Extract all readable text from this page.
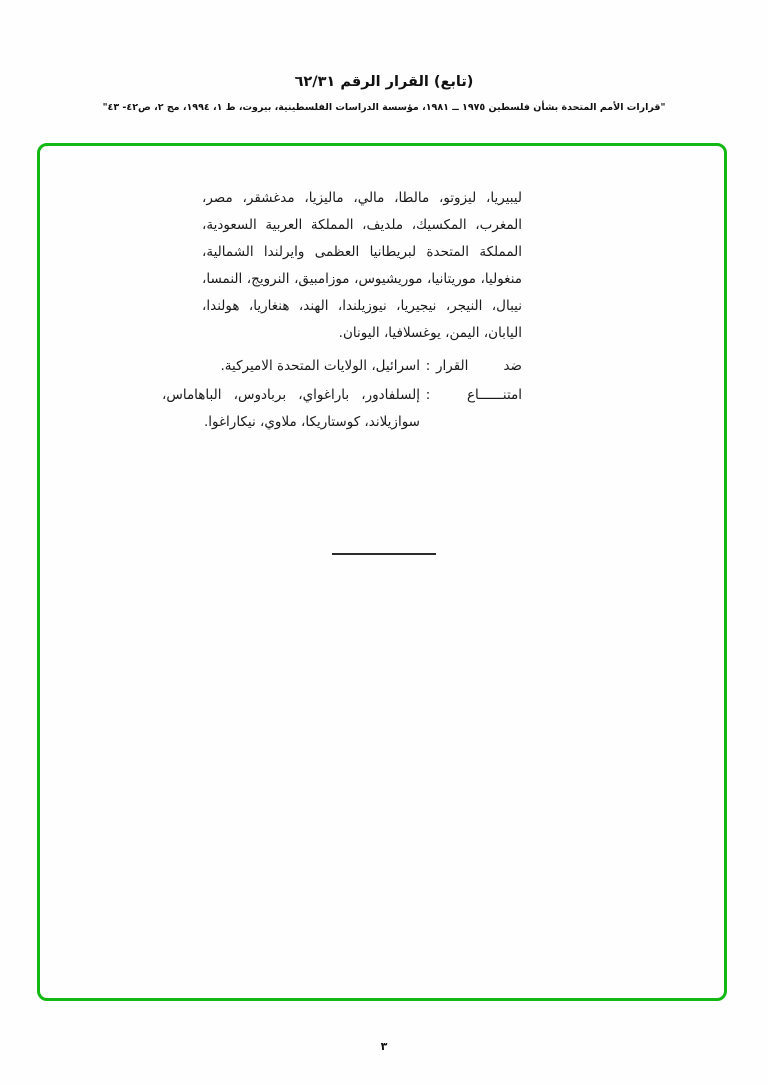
(تابع) القرار الرقم ٦٢/٣١
"قرارات الأمم المتحدة بشأن فلسطين ١٩٧٥ ــ ١٩٨١، مؤسسة الدراسات الفلسطينية، بيروت، ط ١، ١٩٩٤، مج ٢، ص٤٢- ٤٣"
ليبيريا، ليزوتو، مالطا، مالي، ماليزيا، مدغشقر، مصر، المغرب، المكسيك، ملديف، المملكة العربية السعودية، المملكة المتحدة لبريطانيا العظمى وايرلندا الشمالية، منغوليا، موريتانيا، موريشيوس، موزامبيق، النرويج، النمسا، نيبال، النيجر، نيجيريا، نيوزيلندا، الهند، هنغاريا، هولندا، اليابان، اليمن، يوغسلافيا، اليونان.
ضد القرار
:
اسرائيل، الولايات المتحدة الاميركية.
امتنــــــاع
:
إلسلفادور، باراغواي، بربادوس، الباهاماس، سوازيلاند، كوستاريكا، ملاوي، نيكاراغوا.
٣
